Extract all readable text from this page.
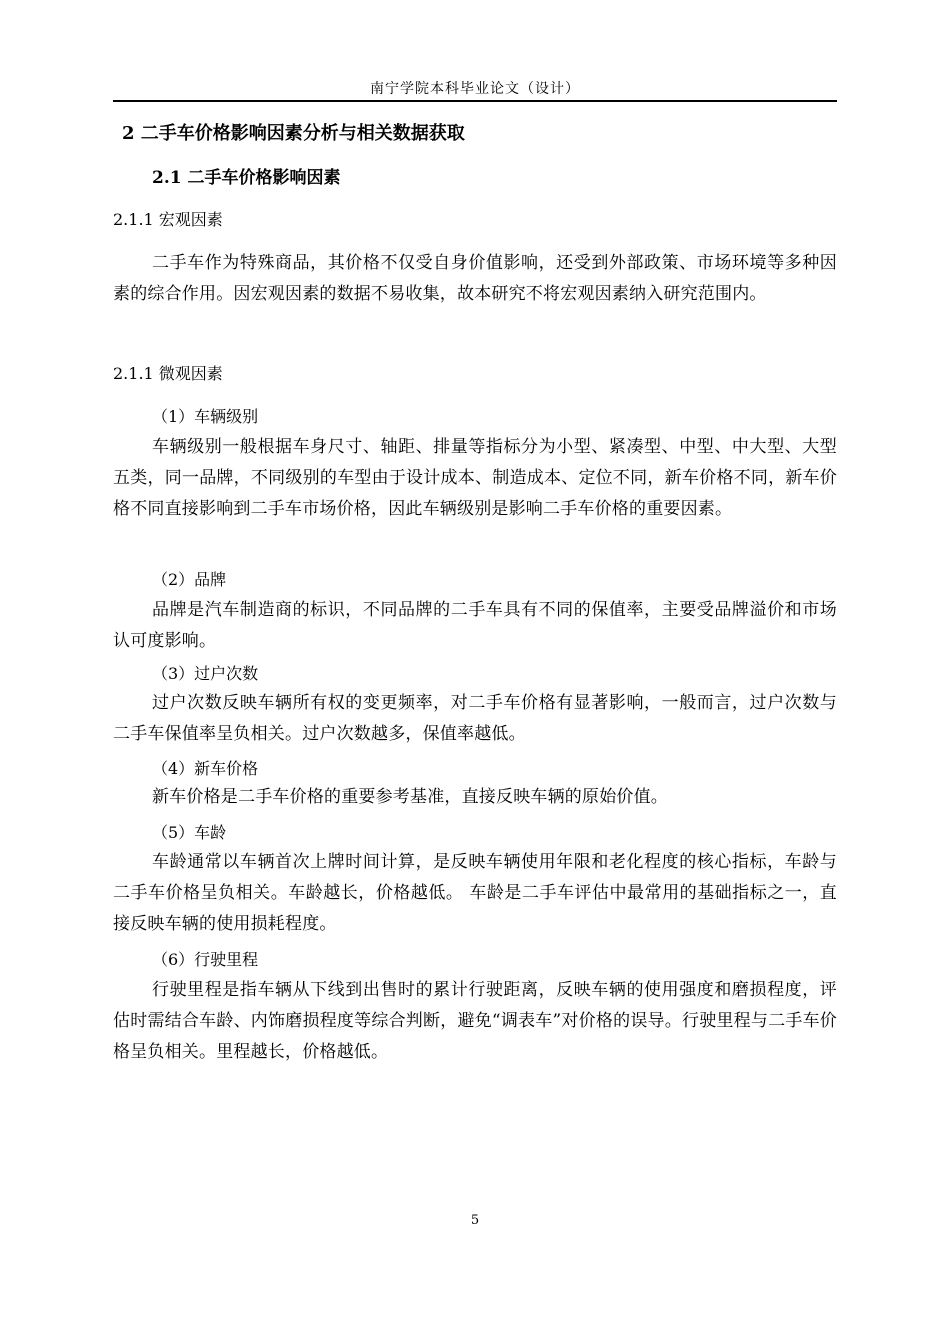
南宁学院本科毕业论文（设计）
2 二手车价格影响因素分析与相关数据获取
2.1 二手车价格影响因素
2.1.1 宏观因素

二手车作为特殊商品，其价格不仅受自身价值影响，还受到外部政策、市场环境等多种因素的综合作用。因宏观因素的数据不易收集，故本研究不将宏观因素纳入研究范围内。

2.1.1 微观因素
（1）车辆级别

车辆级别一般根据车身尺寸、轴距、排量等指标分为小型、紧凑型、中型、中大型、大型五类，同一品牌，不同级别的车型由于设计成本、制造成本、定位不同，新车价格不同，新车价格不同直接影响到二手车市场价格，因此车辆级别是影响二手车价格的重要因素。

（2）品牌

品牌是汽车制造商的标识，不同品牌的二手车具有不同的保值率，主要受品牌溢价和市场认可度影响。

（3）过户次数

过户次数反映车辆所有权的变更频率，对二手车价格有显著影响，一般而言，过户次数与二手车保值率呈负相关。过户次数越多，保值率越低。

（4）新车价格

新车价格是二手车价格的重要参考基准，直接反映车辆的原始价值。

（5）车龄

车龄通常以车辆首次上牌时间计算，是反映车辆使用年限和老化程度的核心指标，车龄与二手车价格呈负相关。车龄越长，价格越低。 车龄是二手车评估中最常用的基础指标之一，直接反映车辆的使用损耗程度。

（6）行驶里程

行驶里程是指车辆从下线到出售时的累计行驶距离，反映车辆的使用强度和磨损程度，评估时需结合车龄、内饰磨损程度等综合判断，避免“调表车”对价格的误导。行驶里程与二手车价格呈负相关。里程越长，价格越低。

5
